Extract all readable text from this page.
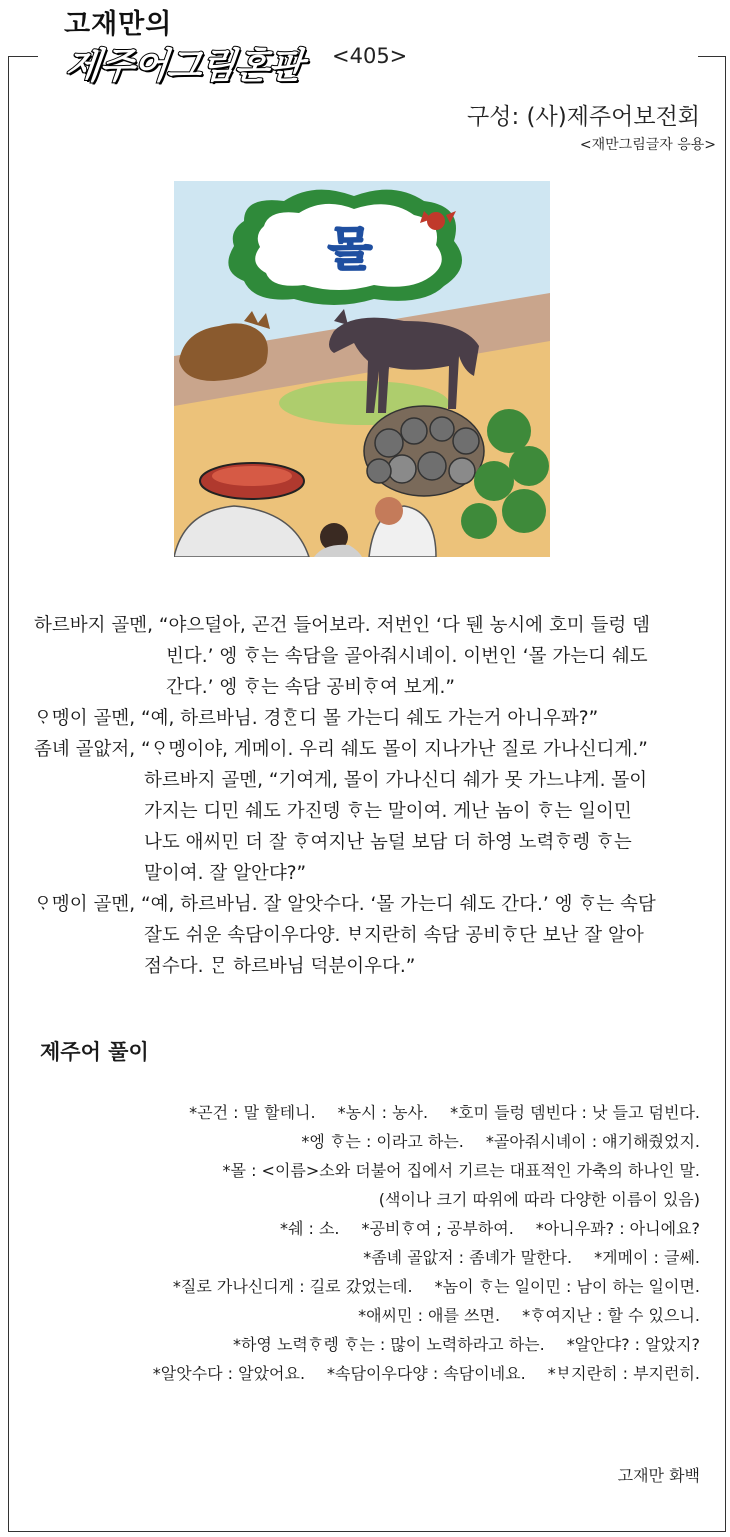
고재만의
제주어그림혼판 <405>
구성: (사)제주어보전회
<재만그림글자 응용>
몰

하르바지 골멘, “야으덜아, 곤건 들어보라. 저번인 ‘다 뒌 농시에 호미 들렁 뎀
빈다.’ 엥 ᄒᆞ는 속담을 골아줘시녜이. 이번인 ‘몰 가는디 쉐도
간다.’ 엥 ᄒᆞ는 속담 공비ᄒᆞ여 보게.”

ᄋᆞ멩이 골멘, “예, 하르바님. 경ᄒᆞᆫ디 몰 가는디 쉐도 가는거 아니우꽈?”

좀녜 골앖저, “ᄋᆞ멩이야, 게메이. 우리 쉐도 몰이 지나가난 질로 가나신디게.”

하르바지 골멘, “기여게, 몰이 가나신디 쉐가 못 가느냐게. 몰이
가지는 디민 쉐도 가진뎅 ᄒᆞ는 말이여. 게난 놈이 ᄒᆞ는 일이민
나도 애씨민 더 잘 ᄒᆞ여지난 놈덜 보담 더 하영 노력ᄒᆞ렝 ᄒᆞ는
말이여. 잘 알안댜?”

ᄋᆞ멩이 골멘, “예, 하르바님. 잘 알앗수다. ‘몰 가는디 쉐도 간다.’ 엥 ᄒᆞ는 속담
잘도 쉬운 속담이우다양. ᄇᆞ지란히 속담 공비ᄒᆞ단 보난 잘 알아
점수다. ᄆᆞᆫ 하르바님 덕분이우다.”

제주어 풀이
*곤건 : 말 할테니. *농시 : 농사. *호미 들렁 뎀빈다 : 낫 들고 덤빈다.
*엥 ᄒᆞ는 : 이라고 하는. *골아줘시녜이 : 얘기해줬었지.
*몰 : <이름>소와 더불어 집에서 기르는 대표적인 가축의 하나인 말.
(색이나 크기 따위에 따라 다양한 이름이 있음)
*쉐 : 소. *공비ᄒᆞ여 ; 공부하여. *아니우꽈? : 아니에요?
*좀녜 골앖저 : 좀녜가 말한다. *게메이 : 글쎄.
*질로 가나신디게 : 길로 갔었는데. *놈이 ᄒᆞ는 일이민 : 남이 하는 일이면.
*애씨민 : 애를 쓰면. *ᄒᆞ여지난 : 할 수 있으니.
*하영 노력ᄒᆞ렝 ᄒᆞ는 : 많이 노력하라고 하는. *알안댜? : 알았지?
*알앗수다 : 알았어요. *속담이우다양 : 속담이네요. *ᄇᆞ지란히 : 부지런히.
고재만 화백
